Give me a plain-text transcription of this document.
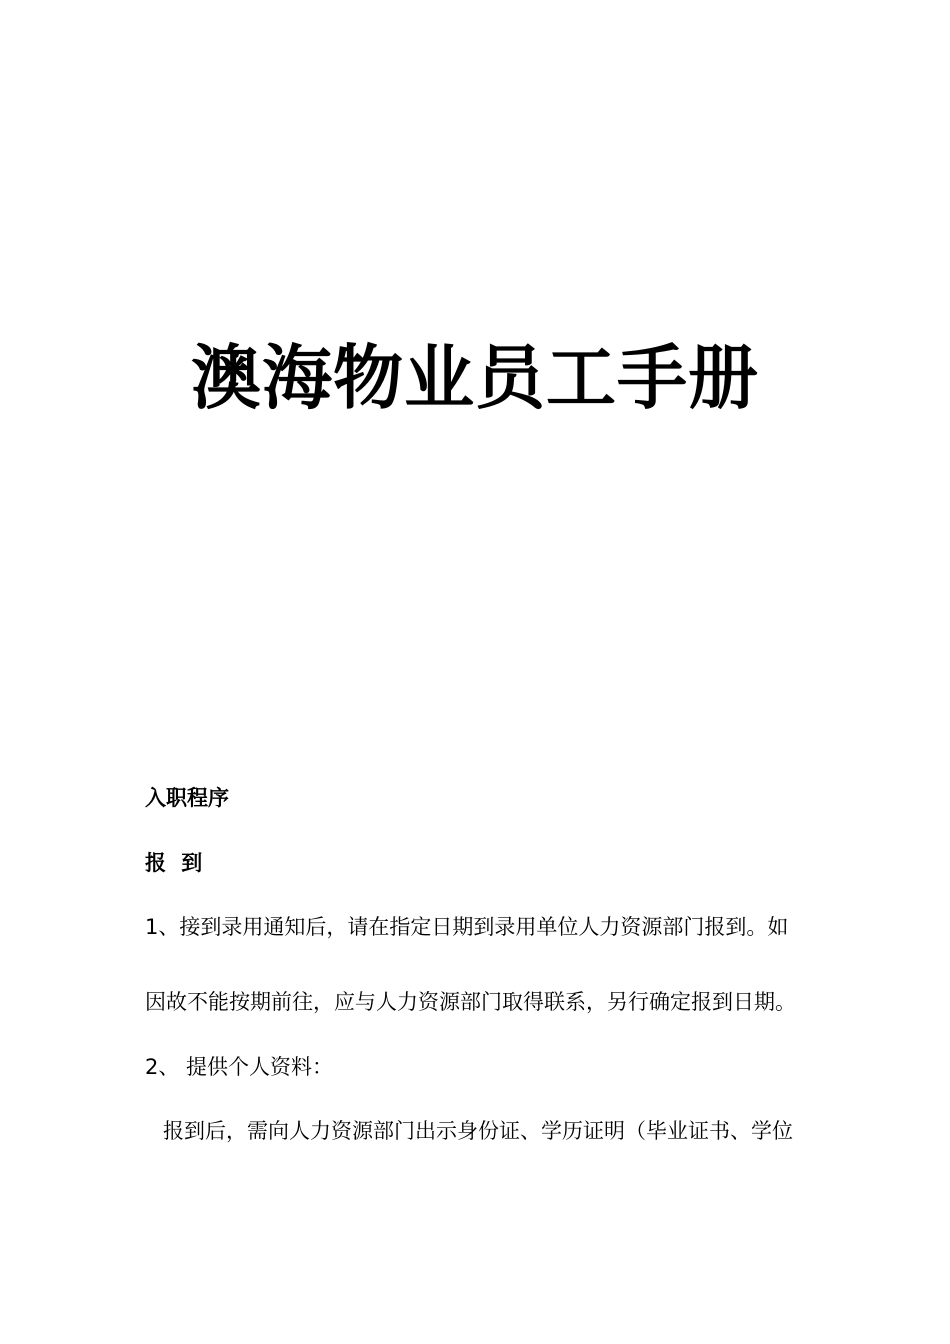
澳海物业员工手册
入职程序
报 到

1、接到录用通知后，请在指定日期到录用单位人力资源部门报到。如

因故不能按期前往，应与人力资源部门取得联系，另行确定报到日期。

2、 提供个人资料：

报到后，需向人力资源部门出示身份证、学历证明（毕业证书、学位
